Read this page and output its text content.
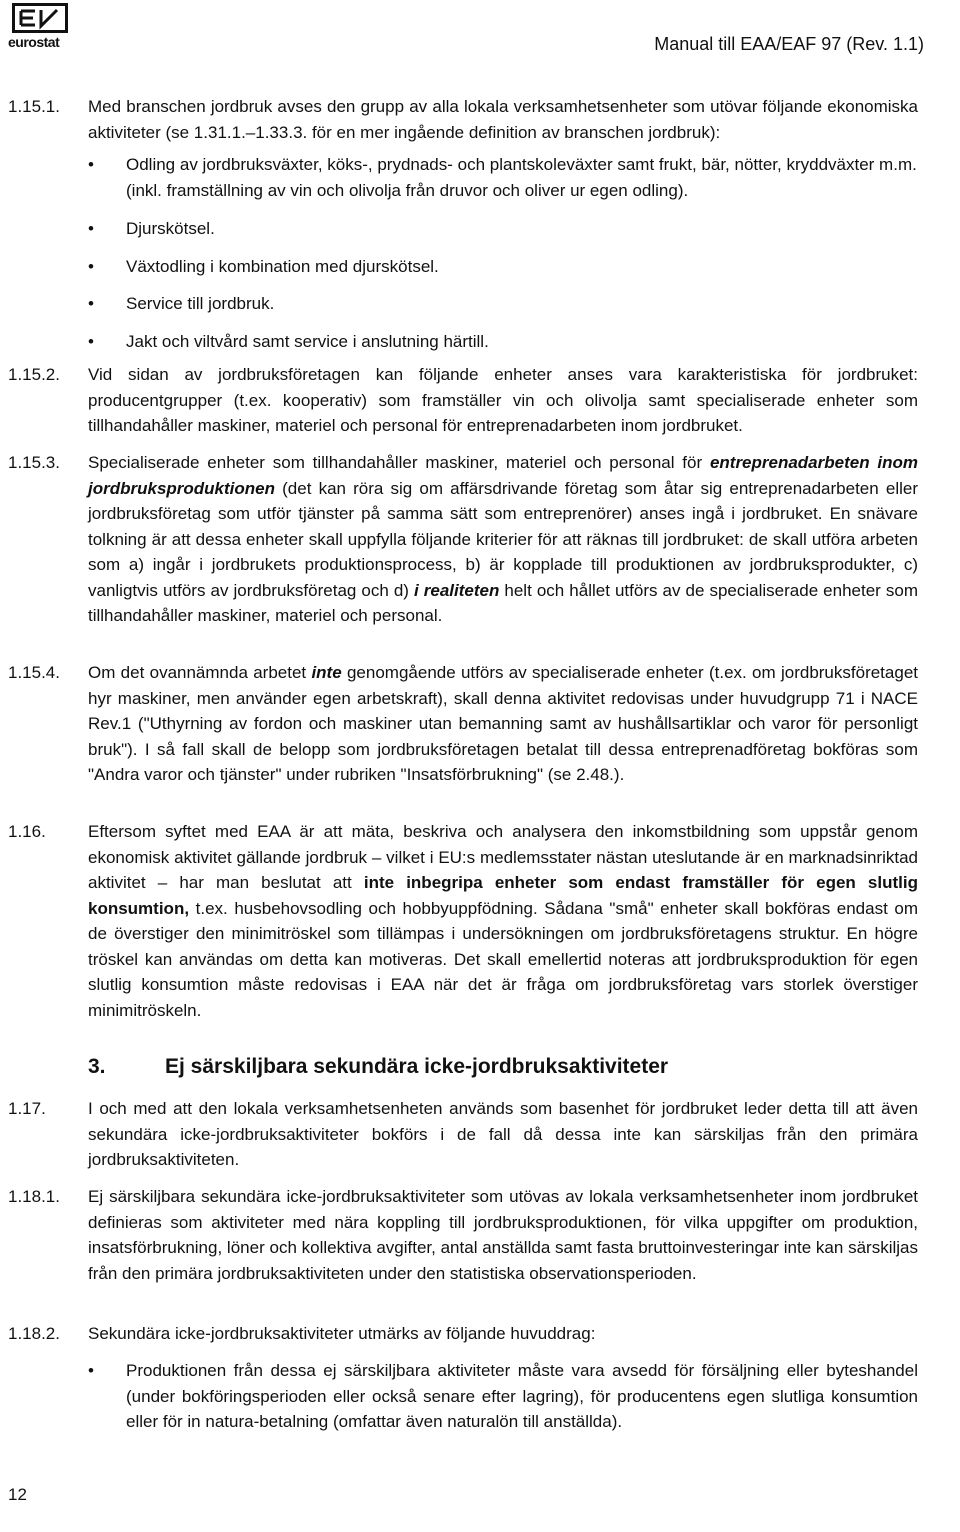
eurostat	Manual till EAA/EAF 97 (Rev. 1.1)
1.15.1. Med branschen jordbruk avses den grupp av alla lokala verksamhetsenheter som utövar följande ekonomiska aktiviteter (se 1.31.1.–1.33.3. för en mer ingående definition av branschen jordbruk):
•	Odling av jordbruksväxter, köks-, prydnads- och plantskoleväxter samt frukt, bär, nötter, kryddväxter m.m. (inkl. framställning av vin och olivolja från druvor och oliver ur egen odling).
•	Djurskötsel.
•	Växtodling i kombination med djurskötsel.
•	Service till jordbruk.
•	Jakt och viltvård samt service i anslutning härtill.
1.15.2. Vid sidan av jordbruksföretagen kan följande enheter anses vara karakteristiska för jordbruket: producentgrupper (t.ex. kooperativ) som framställer vin och olivolja samt specialiserade enheter som tillhandahåller maskiner, materiel och personal för entreprenadarbeten inom jordbruket.
1.15.3. Specialiserade enheter som tillhandahåller maskiner, materiel och personal för entreprenadarbeten inom jordbruksproduktionen (det kan röra sig om affärsdrivande företag som åtar sig entreprenadarbeten eller jordbruksföretag som utför tjänster på samma sätt som entreprenörer) anses ingå i jordbruket. En snävare tolkning är att dessa enheter skall uppfylla följande kriterier för att räknas till jordbruket: de skall utföra arbeten som a) ingår i jordbrukets produktionsprocess, b) är kopplade till produktionen av jordbruksprodukter, c) vanligtvis utförs av jordbruksföretag och d) i realiteten helt och hållet utförs av de specialiserade enheter som tillhandahåller maskiner, materiel och personal.
1.15.4. Om det ovannämnda arbetet inte genomgående utförs av specialiserade enheter (t.ex. om jordbruksföretaget hyr maskiner, men använder egen arbetskraft), skall denna aktivitet redovisas under huvudgrupp 71 i NACE Rev.1 ("Uthyrning av fordon och maskiner utan bemanning samt av hushållsartiklar och varor för personligt bruk"). I så fall skall de belopp som jordbruksföretagen betalat till dessa entreprenadföretag bokföras som "Andra varor och tjänster" under rubriken "Insatsförbrukning" (se 2.48.).
1.16. Eftersom syftet med EAA är att mäta, beskriva och analysera den inkomstbildning som uppstår genom ekonomisk aktivitet gällande jordbruk – vilket i EU:s medlemsstater nästan uteslutande är en marknadsinriktad aktivitet – har man beslutat att inte inbegripa enheter som endast framställer för egen slutlig konsumtion, t.ex. husbehovsodling och hobbyuppfödning. Sådana "små" enheter skall bokföras endast om de överstiger den minimitröskel som tillämpas i undersökningen om jordbruksföretagens struktur. En högre tröskel kan användas om detta kan motiveras. Det skall emellertid noteras att jordbruksproduktion för egen slutlig konsumtion måste redovisas i EAA när det är fråga om jordbruksföretag vars storlek överstiger minimitröskeln.
3.	Ej särskiljbara sekundära icke-jordbruksaktiviteter
1.17. I och med att den lokala verksamhetsenheten används som basenhet för jordbruket leder detta till att även sekundära icke-jordbruksaktiviteter bokförs i de fall då dessa inte kan särskiljas från den primära jordbruksaktiviteten.
1.18.1. Ej särskiljbara sekundära icke-jordbruksaktiviteter som utövas av lokala verksamhetsenheter inom jordbruket definieras som aktiviteter med nära koppling till jordbruksproduktionen, för vilka uppgifter om produktion, insatsförbrukning, löner och kollektiva avgifter, antal anställda samt fasta bruttoinvesteringar inte kan särskiljas från den primära jordbruksaktiviteten under den statistiska observationsperioden.
1.18.2. Sekundära icke-jordbruksaktiviteter utmärks av följande huvuddrag:
•	Produktionen från dessa ej särskiljbara aktiviteter måste vara avsedd för försäljning eller byteshandel (under bokföringsperioden eller också senare efter lagring), för producentens egen slutliga konsumtion eller för in natura-betalning (omfattar även naturalön till anställda).
12
